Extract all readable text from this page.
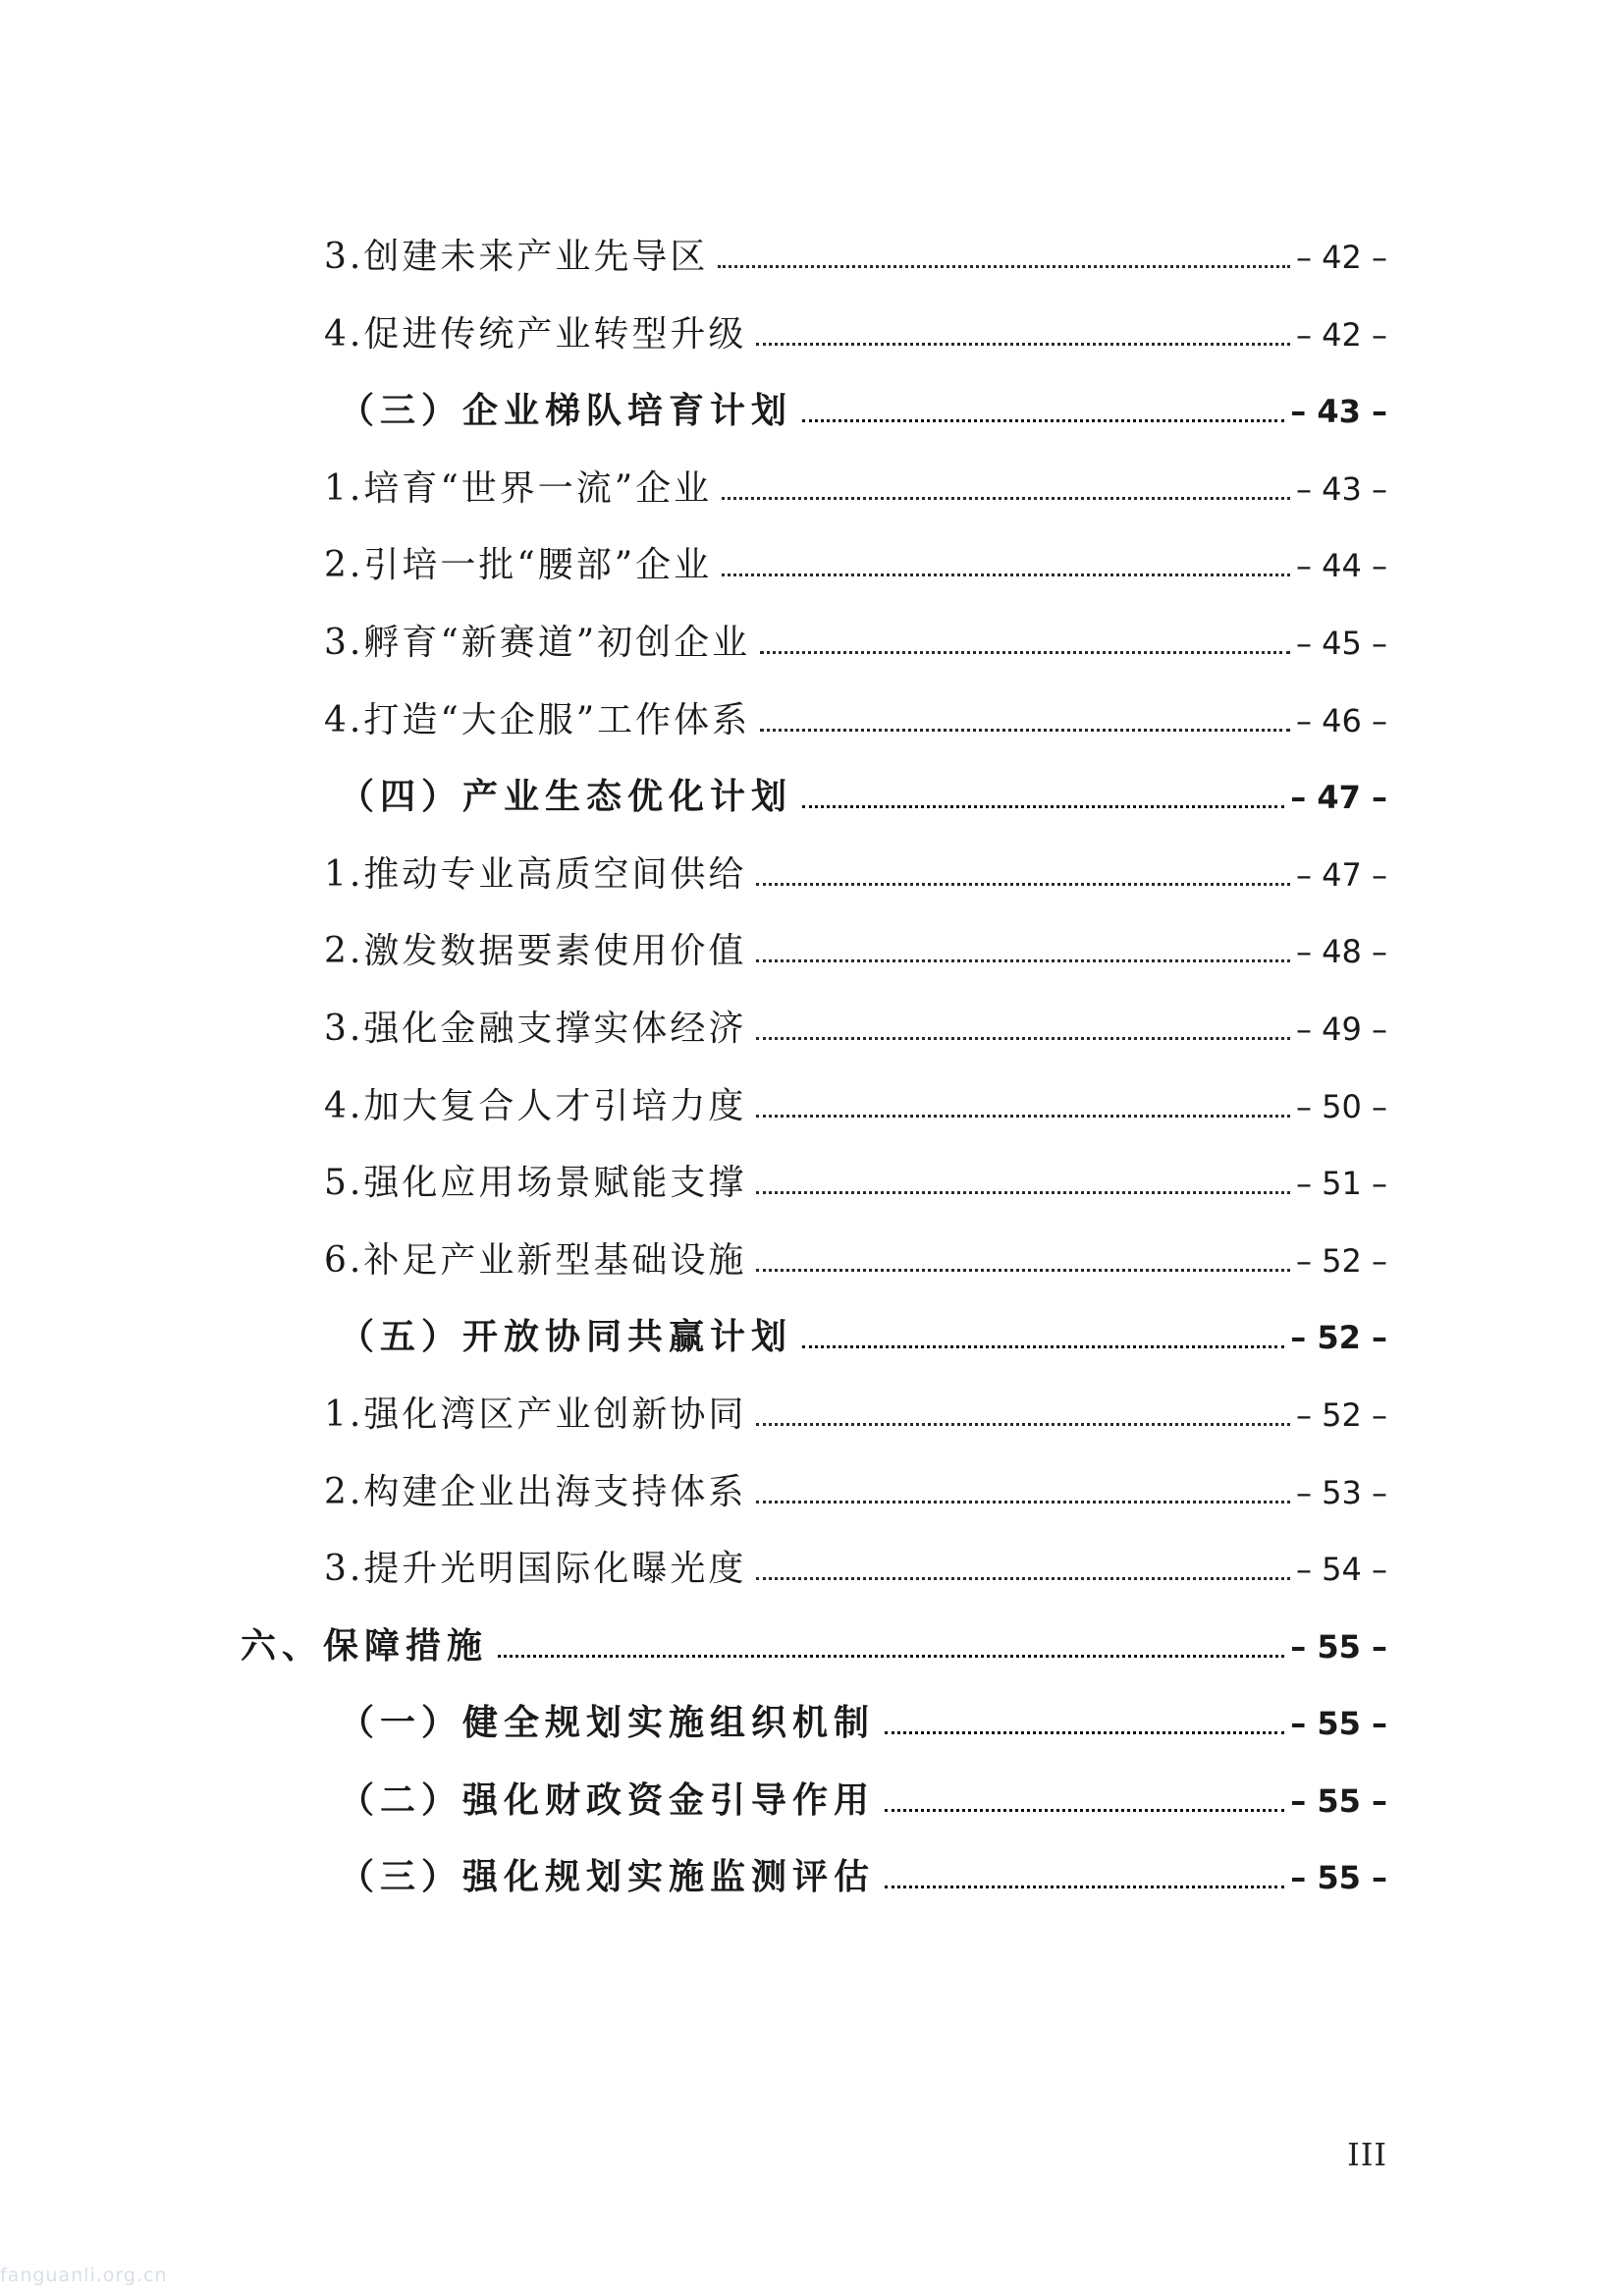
3.创建未来产业先导区	– 42 –
4.促进传统产业转型升级	– 42 –
（三）企业梯队培育计划	– 43 –
1.培育“世界一流”企业	– 43 –
2.引培一批“腰部”企业	– 44 –
3.孵育“新赛道”初创企业	– 45 –
4.打造“大企服”工作体系	– 46 –
（四）产业生态优化计划	– 47 –
1.推动专业高质空间供给	– 47 –
2.激发数据要素使用价值	– 48 –
3.强化金融支撑实体经济	– 49 –
4.加大复合人才引培力度	– 50 –
5.强化应用场景赋能支撑	– 51 –
6.补足产业新型基础设施	– 52 –
（五）开放协同共赢计划	– 52 –
1.强化湾区产业创新协同	– 52 –
2.构建企业出海支持体系	– 53 –
3.提升光明国际化曝光度	– 54 –
六、保障措施	– 55 –
（一）健全规划实施组织机制	– 55 –
（二）强化财政资金引导作用	– 55 –
（三）强化规划实施监测评估	– 55 –
III
fanguanli.org.cn
